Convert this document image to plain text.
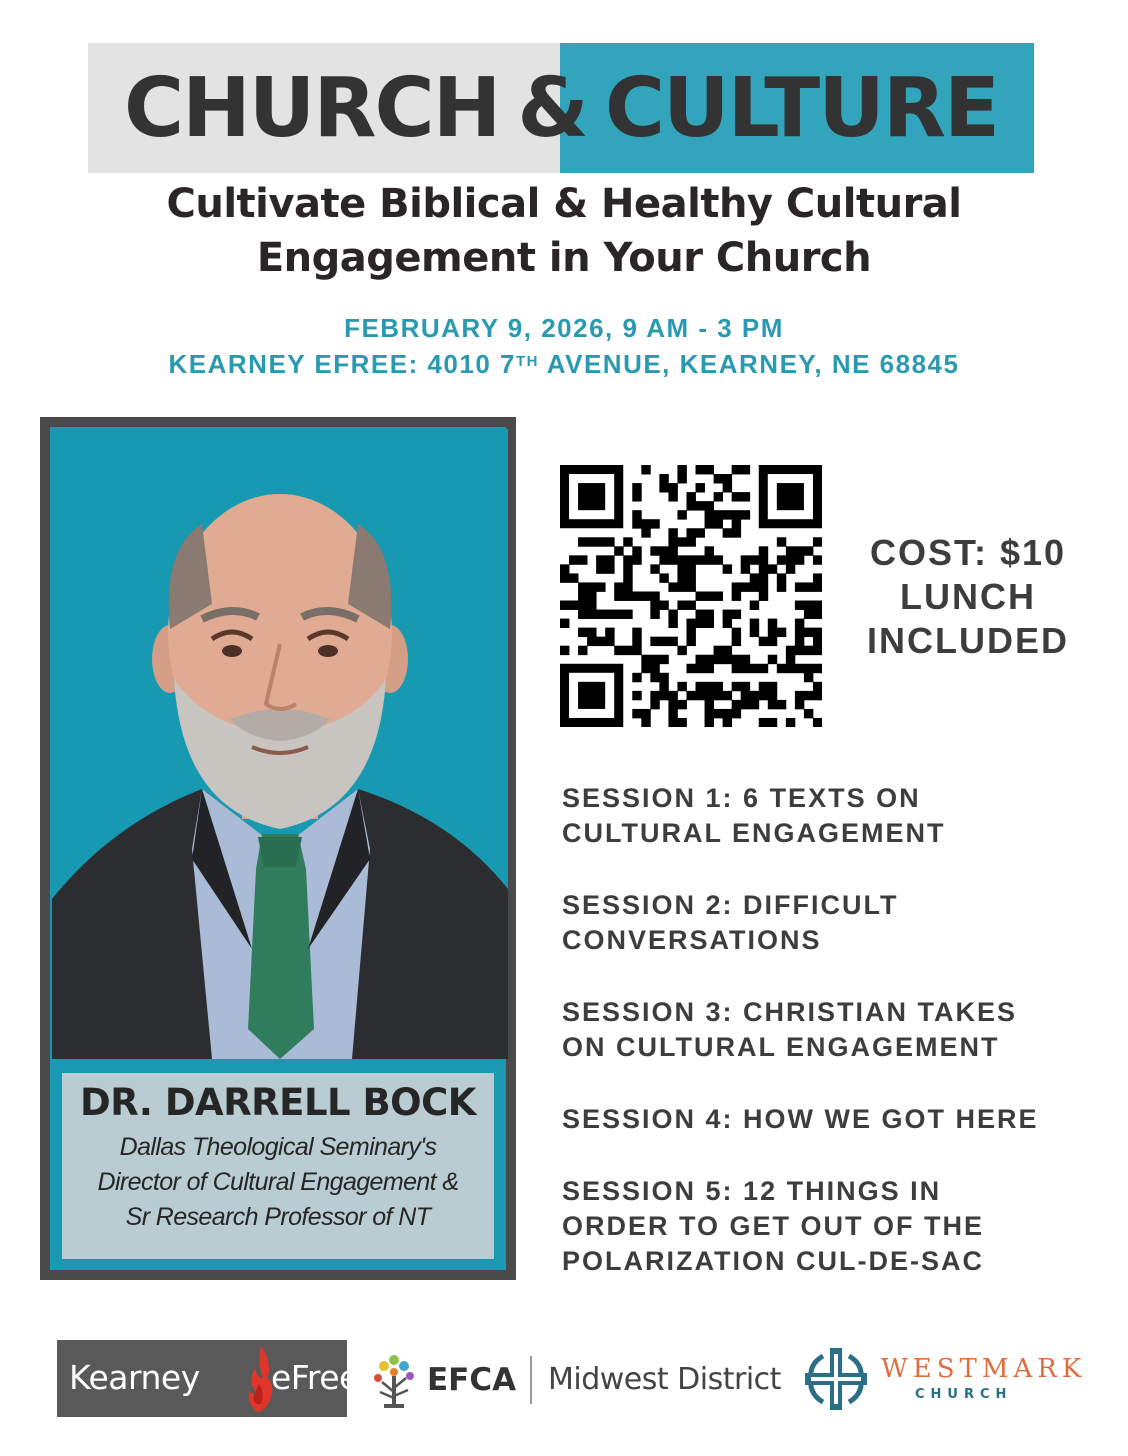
CHURCH & CULTURE
Cultivate Biblical & Healthy Cultural
Engagement in Your Church
FEBRUARY 9, 2026, 9 AM - 3 PM
KEARNEY EFREE: 4010 7TH AVENUE, KEARNEY, NE 68845
DR. DARRELL BOCK
Dallas Theological Seminary's
Director of Cultural Engagement &
Sr Research Professor of NT
COST: $10
LUNCH
INCLUDED
SESSION 1: 6 TEXTS ON
CULTURAL ENGAGEMENT
SESSION 2: DIFFICULT
CONVERSATIONS
SESSION 3: CHRISTIAN TAKES
ON CULTURAL ENGAGEMENT
SESSION 4: HOW WE GOT HERE
SESSION 5: 12 THINGS IN
ORDER TO GET OUT OF THE
POLARIZATION CUL-DE-SAC
Kearney eFree EFCA Midwest District	WESTMARK
CHURCH
